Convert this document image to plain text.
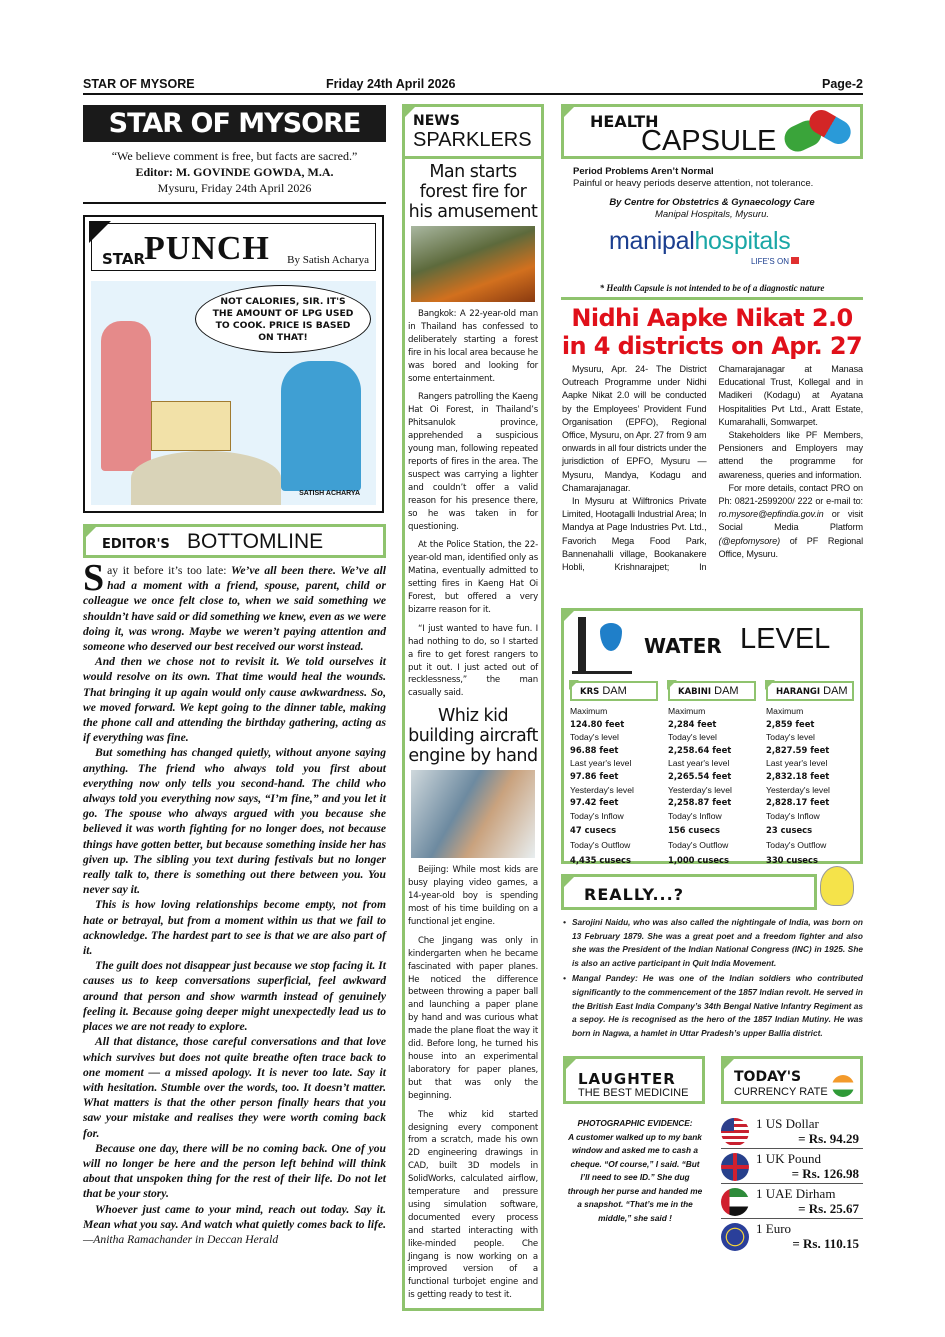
STAR OF MYSORE	Friday 24th April 2026	Page-2
STAR OF MYSORE
“We believe comment is free, but facts are sacred.”
Editor: M. GOVINDE GOWDA, M.A.
Mysuru, Friday 24th April 2026
STAR
PUNCH By Satish Acharya
NOT CALORIES, SIR. IT'S THE AMOUNT OF LPG USED TO COOK. PRICE IS BASED ON THAT!
SATISH ACHARYA
EDITOR'S BOTTOMLINE

Say it before it’s too late: We’ve all been there. We’ve all had a moment with a friend, spouse, parent, child or colleague we once felt close to, when we said something we shouldn’t have said or did something we knew, even as we were doing it, was wrong. Maybe we weren’t paying attention and someone who deserved our best received our worst instead.

And then we chose not to revisit it. We told ourselves it would resolve on its own. That time would heal the wounds. That bringing it up again would only cause awkwardness. So, we moved forward. We kept going to the dinner table, making the phone call and attending the birthday gathering, acting as if everything was fine.

But something has changed quietly, without anyone saying anything. The friend who always told you first about everything now only tells you second-hand. The child who always told you everything now says, “I’m fine,” and you let it go. The spouse who always argued with you because she believed it was worth fighting for no longer does, not because things have gotten better, but because something inside her has given up. The sibling you text during festivals but no longer really talk to, there is something out there between you. You never say it.

This is how loving relationships become empty, not from hate or betrayal, but from a moment within us that we fail to acknowledge. The hardest part to see is that we are also part of it.

The guilt does not disappear just because we stop facing it. It causes us to keep conversations superficial, feel awkward around that person and show warmth instead of genuinely feeling it. Because going deeper might unexpectedly lead us to places we are not ready to explore.

All that distance, those careful conversations and that love which survives but does not quite breathe often trace back to one moment — a missed apology. It is never too late. Say it with hesitation. Stumble over the words, too. It doesn’t matter. What matters is that the other person finally hears that you saw your mistake and realises they were worth coming back for.

Because one day, there will be no coming back. One of you will no longer be here and the person left behind will think about that unspoken thing for the rest of their life. Do not let that be your story.

Whoever just came to your mind, reach out today. Say it. Mean what you say. And watch what quietly comes back to life.—Anitha Ramachander in Deccan Herald

NEWS
SPARKLERS
Man starts forest fire for his amusement

Bangkok: A 22-year-old man in Thailand has confessed to deliberately starting a forest fire in his local area because he was bored and looking for some entertainment.

Rangers patrolling the Kaeng Hat Oi Forest, in Thailand’s Phitsanulok province, apprehended a suspicious young man, following repeated reports of fires in the area. The suspect was carrying a lighter and couldn’t offer a valid reason for his presence there, so he was taken in for questioning.

At the Police Station, the 22-year-old man, identified only as Matina, eventually admitted to setting fires in Kaeng Hat Oi Forest, but offered a very bizarre reason for it.

“I just wanted to have fun. I had nothing to do, so I started a fire to get forest rangers to put it out. I just acted out of recklessness,” the man casually said.

Whiz kid building aircraft engine by hand

Beijing: While most kids are busy playing video games, a 14-year-old boy is spending most of his time building on a functional jet engine.

Che Jingang was only in kindergarten when he became fascinated with paper planes. He noticed the difference between throwing a paper ball and launching a paper plane by hand and was curious what made the plane float the way it did. Before long, he turned his house into an experimental laboratory for paper planes, but that was only the beginning.

The whiz kid started designing every component from a scratch, made his own 2D engineering drawings in CAD, built 3D models in SolidWorks, calculated airflow, temperature and pressure using simulation software, documented every process and started interacting with like-minded people. Che Jingang is now working on a improved version of a functional turbojet engine and is getting ready to test it.

HEALTH
CAPSULE
Period Problems Aren’t Normal
Painful or heavy periods deserve attention, not tolerance.
By Centre for Obstetrics & Gynaecology Care
Manipal Hospitals, Mysuru.
manipalhospitals
LIFE'S ON
* Health Capsule is not intended to be of a diagnostic nature
Nidhi Aapke Nikat 2.0
in 4 districts on Apr. 27

Mysuru, Apr. 24- The District Outreach Programme under Nidhi Aapke Nikat 2.0 will be conducted by the Employees’ Provident Fund Organisation (EPFO), Regional Office, Mysuru, on Apr. 27 from 9 am onwards in all four districts under the jurisdiction of EPFO, Mysuru — Mysuru, Mandya, Kodagu and Chamarajanagar.

In Mysuru at Wilftronics Private Limited, Hootagalli Industrial Area; In Mandya at Page Industries Pvt. Ltd., Favorich Mega Food Park, Bannenahalli village, Bookanakere Hobli, Krishnarajpet; In Chamarajanagar at Manasa Educational Trust, Kollegal and in Madikeri (Kodagu) at Ayatana Hospitalities Pvt Ltd., Aratt Estate, Kumarahalli, Somwarpet.

Stakeholders like PF Members, Pensioners and Employers may attend the programme for awareness, queries and information.

For more details, contact PRO on Ph: 0821-2599200/ 222 or e-mail to: ro.mysore@epfindia.gov.in or visit Social Media Platform (@epfomysore) of PF Regional Office, Mysuru.

WATER LEVEL
KRS DAM
Maximum
124.80 feet
Today's level
96.88 feet
Last year's level
97.86 feet
Yesterday's level
97.42 feet
Today's Inflow
47 cusecs
Today's Outflow
4,435 cusecs
KABINI DAM
Maximum
2,284 feet
Today's level
2,258.64 feet
Last year's level
2,265.54 feet
Yesterday's level
2,258.87 feet
Today's Inflow
156 cusecs
Today's Outflow
1,000 cusecs
HARANGI DAM
Maximum
2,859 feet
Today's level
2,827.59 feet
Last year's level
2,832.18 feet
Yesterday's level
2,828.17 feet
Today's Inflow
23 cusecs
Today's Outflow
330 cusecs
REALLY...?
• Sarojini Naidu, who was also called the nightingale of India, was born on 13 February 1879. She was a great poet and a freedom fighter and also she was the President of the Indian National Congress (INC) in 1925. She is also an active participant in Quit India Movement.
• Mangal Pandey: He was one of the Indian soldiers who contributed significantly to the commencement of the 1857 Indian revolt. He served in the British East India Company’s 34th Bengal Native Infantry Regiment as a sepoy. He is recognised as the hero of the 1857 Indian Mutiny. He was born in Nagwa, a hamlet in Uttar Pradesh’s upper Ballia district.
LAUGHTER
THE BEST MEDICINE
PHOTOGRAPHIC EVIDENCE:
A customer walked up to my bank window and asked me to cash a cheque. “Of course,” I said. “But I’ll need to see ID.” She dug through her purse and handed me a snapshot. “That’s me in the middle,” she said !
TODAY'S
CURRENCY RATE
1 US Dollar
= Rs. 94.29
1 UK Pound
= Rs. 126.98
1 UAE Dirham
= Rs. 25.67
1 Euro
= Rs. 110.15
